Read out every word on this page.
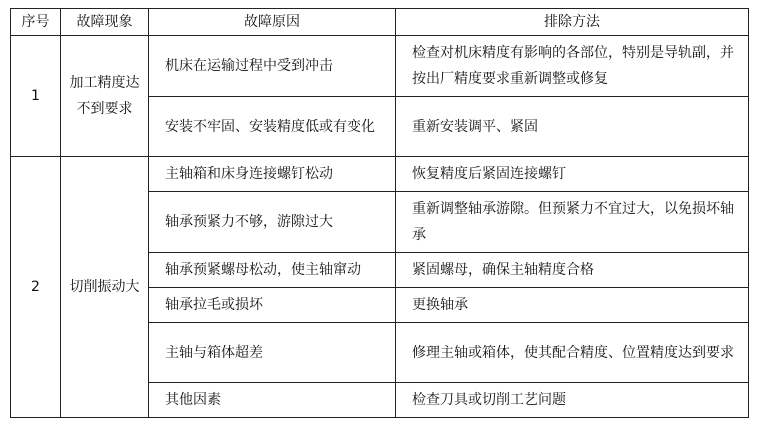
序号	故障现象	故障原因	排除方法
1	加工精度达不到要求	机床在运输过程中受到冲击	检查对机床精度有影响的各部位，特别是导轨副，并按出厂精度要求重新调整或修复
		安装不牢固、安装精度低或有变化	重新安装调平、紧固
2	切削振动大	主轴箱和床身连接螺钉松动	恢复精度后紧固连接螺钉
		轴承预紧力不够，游隙过大	重新调整轴承游隙。但预紧力不宜过大，以免损坏轴承
		轴承预紧螺母松动，使主轴窜动	紧固螺母，确保主轴精度合格
		轴承拉毛或损坏	更换轴承
		主轴与箱体超差	修理主轴或箱体，使其配合精度、位置精度达到要求
		其他因素	检查刀具或切削工艺问题
